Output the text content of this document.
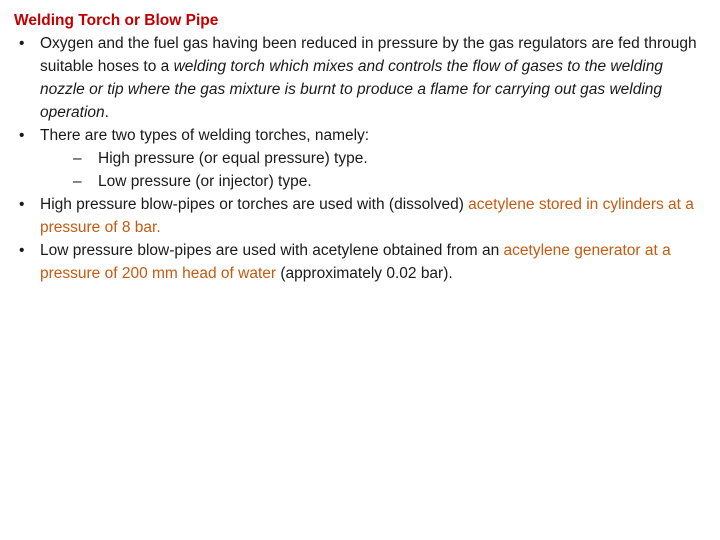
Welding Torch or Blow Pipe
• Oxygen and the fuel gas having been reduced in pressure by the gas regulators are fed through suitable hoses to a welding torch which mixes and controls the flow of gases to the welding nozzle or tip where the gas mixture is burnt to produce a flame for carrying out gas welding operation.
• There are two types of welding torches, namely:
– High pressure (or equal pressure) type.
– Low pressure (or injector) type.
• High pressure blow-pipes or torches are used with (dissolved) acetylene stored in cylinders at a pressure of 8 bar.
• Low pressure blow-pipes are used with acetylene obtained from an acetylene generator at a pressure of 200 mm head of water (approximately 0.02 bar).
